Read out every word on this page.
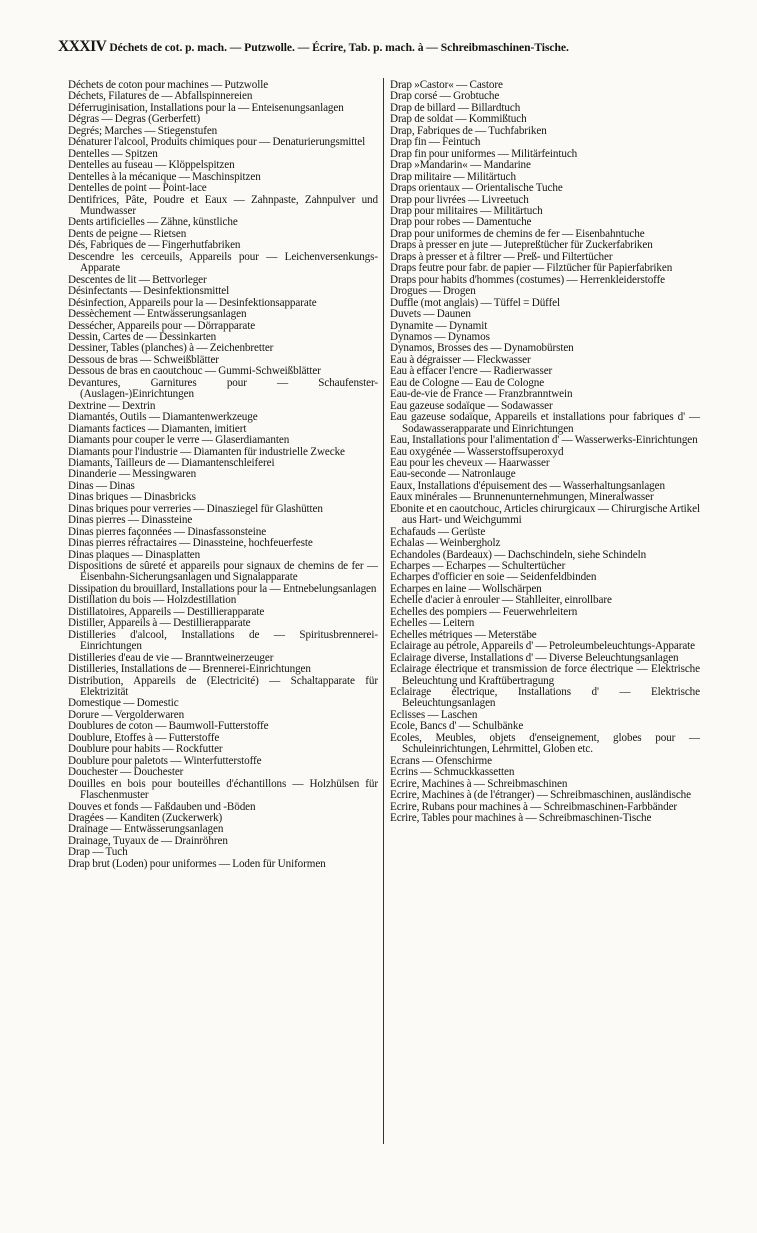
XXXIV Déchets de cot. p. mach. — Putzwolle. — Écrire, Tab. p. mach. à — Schreibmaschinen-Tische.
Déchets de coton pour machines — Putzwolle
Déchets, Filatures de — Abfallspinnereien
Déferruginisation, Installations pour la — Enteisenungsanlagen
Dégras — Degras (Gerberfett)
Degrés; Marches — Stiegenstufen
Dénaturer l'alcool, Produits chimiques pour — Denaturierungsmittel
Dentelles — Spitzen
Dentelles au fuseau — Klöppelspitzen
Dentelles à la mécanique — Maschinspitzen
Dentelles de point — Point-lace
Dentifrices, Pâte, Poudre et Eaux — Zahnpaste, Zahnpulver und Mundwasser
Dents artificielles — Zähne, künstliche
Dents de peigne — Rietsen
Dés, Fabriques de — Fingerhutfabriken
Descendre les cerceuils, Appareils pour — Leichenversenkungs-Apparate
Descentes de lit — Bettvorleger
Désinfectants — Desinfektionsmittel
Désinfection, Appareils pour la — Desinfektionsapparate
Dessèchement — Entwässerungsanlagen
Dessécher, Appareils pour — Dörrapparate
Dessin, Cartes de — Dessinkarten
Dessiner, Tables (planches) à — Zeichenbretter
Dessous de bras — Schweißblätter
Dessous de bras en caoutchouc — Gummi-Schweißblätter
Devantures, Garnitures pour — Schaufenster-(Auslagen-)Einrichtungen
Dextrine — Dextrin
Diamantés, Outils — Diamantenwerkzeuge
Diamants factices — Diamanten, imitiert
Diamants pour couper le verre — Glaserdiamanten
Diamants pour l'industrie — Diamanten für industrielle Zwecke
Diamants, Tailleurs de — Diamantenschleiferei
Dinanderie — Messingwaren
Dinas — Dinas
Dinas briques — Dinasbricks
Dinas briques pour verreries — Dinasziegel für Glashütten
Dinas pierres — Dinassteine
Dinas pierres façonnées — Dinasfassonsteine
Dinas pierres réfractaires — Dinassteine, hochfeuerfeste
Dinas plaques — Dinasplatten
Dispositions de sûreté et appareils pour signaux de chemins de fer — Eisenbahn-Sicherungsanlagen und Signalapparate
Dissipation du brouillard, Installations pour la — Entnebelungsanlagen
Distillation du bois — Holzdestillation
Distillatoires, Appareils — Destillierapparate
Distiller, Appareils à — Destillierapparate
Distilleries d'alcool, Installations de — Spiritusbrennerei-Einrichtungen
Distilleries d'eau de vie — Branntweinerzeuger
Distilleries, Installations de — Brennerei-Einrichtungen
Distribution, Appareils de (Électricité) — Schaltapparate für Elektrizität
Domestique — Domestic
Dorure — Vergolderwaren
Doublures de coton — Baumwoll-Futterstoffe
Doublure, Étoffes à — Futterstoffe
Doublure pour habits — Rockfutter
Doublure pour paletots — Winterfutterstoffe
Douchester — Douchester
Douilles en bois pour bouteilles d'échantillons — Holzhülsen für Flaschenmuster
Douves et fonds — Faßdauben und -Böden
Dragées — Kanditen (Zuckerwerk)
Drainage — Entwässerungsanlagen
Drainage, Tuyaux de — Drainröhren
Drap — Tuch
Drap brut (Loden) pour uniformes — Loden für Uniformen
Drap »Castor« — Castore
Drap corsé — Grobtuche
Drap de billard — Billardtuch
Drap de soldat — Kommißtuch
Drap, Fabriques de — Tuchfabriken
Drap fin — Feintuch
Drap fin pour uniformes — Militärfeintuch
Drap »Mandarin« — Mandarine
Drap militaire — Militärtuch
Draps orientaux — Orientalische Tuche
Drap pour livrées — Livreetuch
Drap pour militaires — Militärtuch
Drap pour robes — Damentuche
Drap pour uniformes de chemins de fer — Eisenbahntuche
Draps à presser en jute — Jutepreßtücher für Zuckerfabriken
Draps à presser et à filtrer — Preß- und Filtertücher
Draps feutre pour fabr. de papier — Filztücher für Papierfabriken
Draps pour habits d'hommes (costumes) — Herrenkleiderstoffe
Drogues — Drogen
Duffle (mot anglais) — Tüffel = Düffel
Duvets — Daunen
Dynamite — Dynamit
Dynamos — Dynamos
Dynamos, Brosses des — Dynamobürsten
Eau à dégraisser — Fleckwasser
Eau à effacer l'encre — Radierwasser
Eau de Cologne — Eau de Cologne
Eau-de-vie de France — Franzbranntwein
Eau gazeuse sodaïque — Sodawasser
Eau gazeuse sodaïque, Appareils et installations pour fabriques d' — Sodawasserapparate und Einrichtungen
Eau, Installations pour l'alimentation d' — Wasserwerks-Einrichtungen
Eau oxygénée — Wasserstoffsuperoxyd
Eau pour les cheveux — Haarwasser
Eau-seconde — Natronlauge
Eaux, Installations d'épuisement des — Wasserhaltungsanlagen
Eaux minérales — Brunnenunternehmungen, Mineralwasser
Ébonite et en caoutchouc, Articles chirurgicaux — Chirurgische Artikel aus Hart- und Weichgummi
Échafauds — Gerüste
Échalas — Weinbergholz
Échandoles (Bardeaux) — Dachschindeln, siehe Schindeln
Écharpes — Echarpes — Schultertücher
Écharpes d'officier en soie — Seidenfeldbinden
Écharpes en laine — Wollschärpen
Échelle d'acier à enrouler — Stahlleiter, einrollbare
Échelles des pompiers — Feuerwehrleitern
Échelles — Leitern
Échelles métriques — Meterstäbe
Éclairage au pétrole, Appareils d' — Petroleumbeleuchtungs-Apparate
Éclairage diverse, Installations d' — Diverse Beleuchtungsanlagen
Éclairage électrique et transmission de force électrique — Elektrische Beleuchtung und Kraftübertragung
Éclairage électrique, Installations d' — Elektrische Beleuchtungsanlagen
Éclisses — Laschen
École, Bancs d' — Schulbänke
Écoles, Meubles, objets d'enseignement, globes pour — Schuleinrichtungen, Lehrmittel, Globen etc.
Écrans — Ofenschirme
Écrins — Schmuckkassetten
Écrire, Machines à — Schreibmaschinen
Écrire, Machines à (de l'étranger) — Schreibmaschinen, ausländische
Écrire, Rubans pour machines à — Schreibmaschinen-Farbbänder
Écrire, Tables pour machines à — Schreibmaschinen-Tische
